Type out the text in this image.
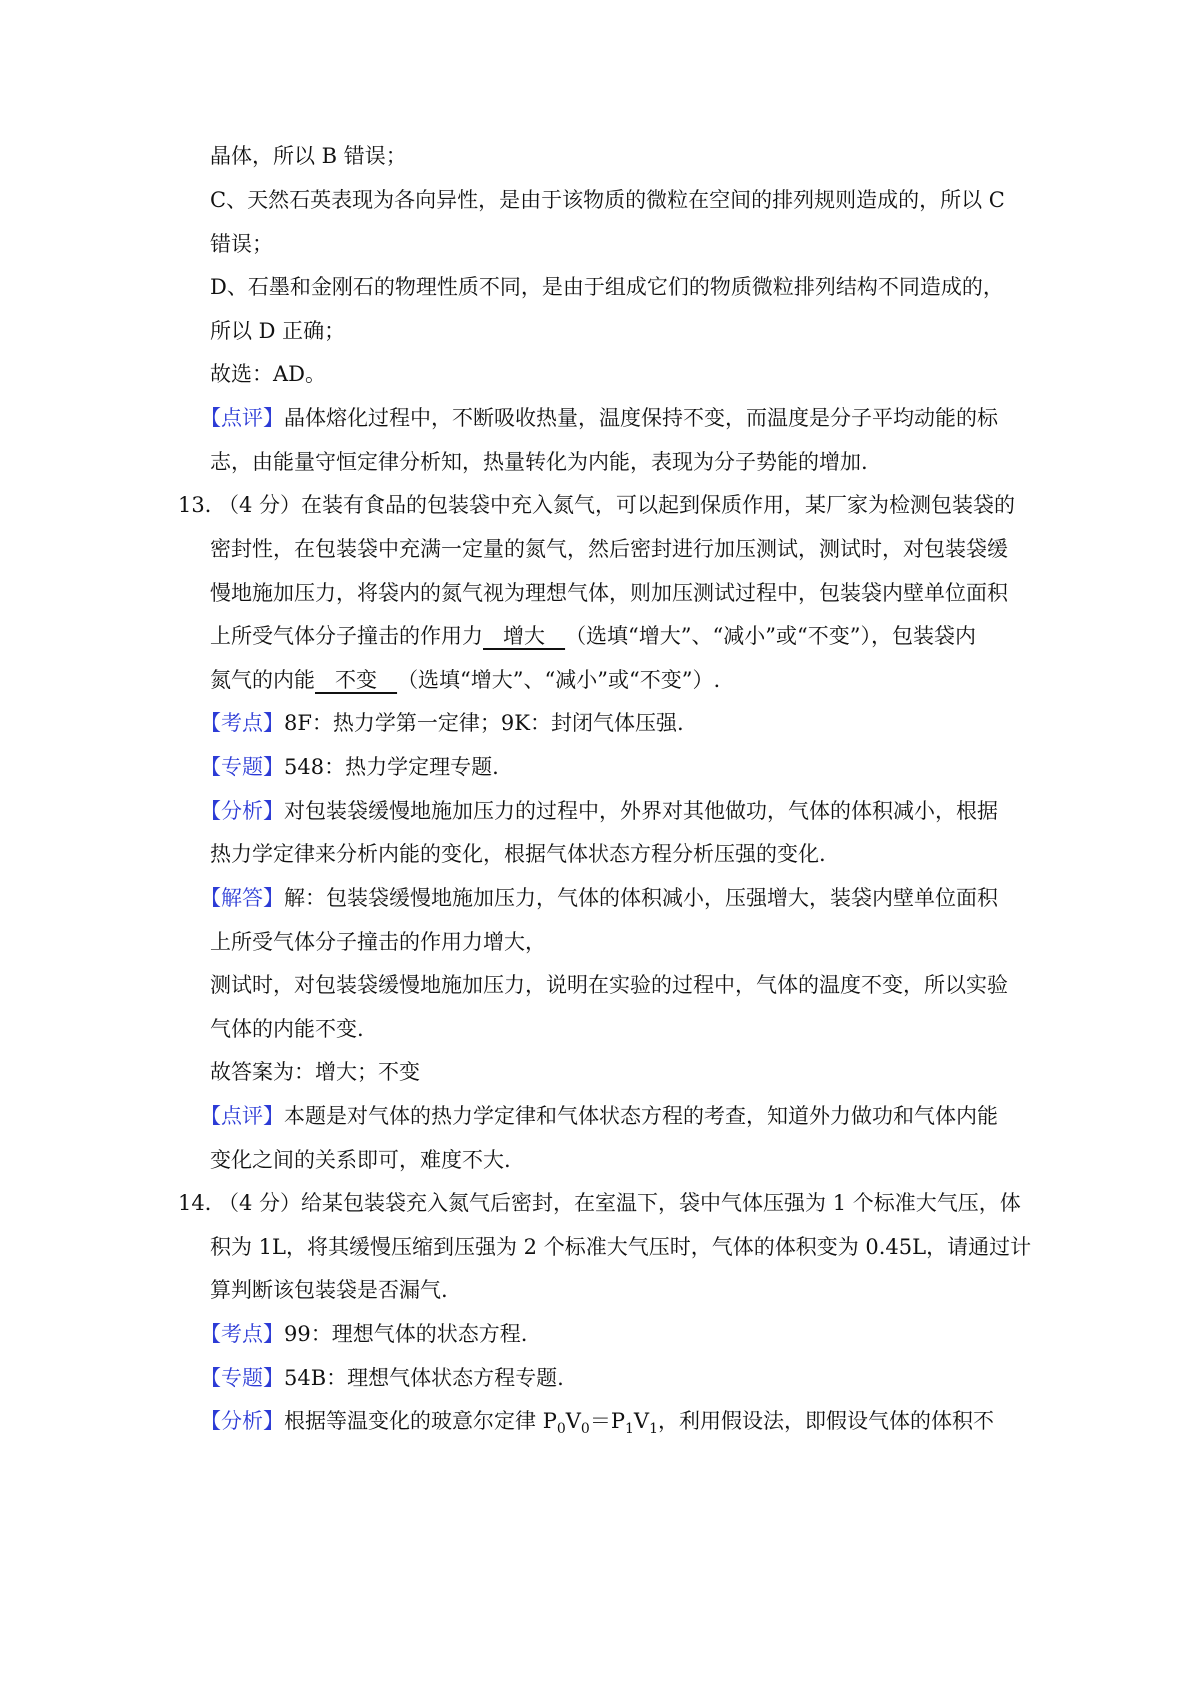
晶体，所以 B 错误；
C、天然石英表现为各向异性，是由于该物质的微粒在空间的排列规则造成的，所以 C
错误；
D、石墨和金刚石的物理性质不同，是由于组成它们的物质微粒排列结构不同造成的，
所以 D 正确；
故选：AD。
【点评】晶体熔化过程中，不断吸收热量，温度保持不变，而温度是分子平均动能的标
志，由能量守恒定律分析知，热量转化为内能，表现为分子势能的增加.
13．
（4 分）在装有食品的包装袋中充入氮气，可以起到保质作用，某厂家为检测包装袋的
密封性，在包装袋中充满一定量的氮气，然后密封进行加压测试，测试时，对包装袋缓
慢地施加压力，将袋内的氮气视为理想气体，则加压测试过程中，包装袋内壁单位面积
上所受气体分子撞击的作用力   增大   （选填“增大”、“减小”或“不变”），包装袋内
氮气的内能   不变   （选填“增大”、“减小”或“不变”）.
【考点】8F：热力学第一定律；9K：封闭气体压强.
【专题】548：热力学定理专题.
【分析】对包装袋缓慢地施加压力的过程中，外界对其他做功，气体的体积减小，根据
热力学定律来分析内能的变化，根据气体状态方程分析压强的变化.
【解答】解：包装袋缓慢地施加压力，气体的体积减小，压强增大，装袋内壁单位面积
上所受气体分子撞击的作用力增大，
测试时，对包装袋缓慢地施加压力，说明在实验的过程中，气体的温度不变，所以实验
气体的内能不变.
故答案为：增大；不变
【点评】本题是对气体的热力学定律和气体状态方程的考查，知道外力做功和气体内能
变化之间的关系即可，难度不大.
14．
（4 分）给某包装袋充入氮气后密封，在室温下，袋中气体压强为 1 个标准大气压，体
积为 1L，将其缓慢压缩到压强为 2 个标准大气压时，气体的体积变为 0.45L，请通过计
算判断该包装袋是否漏气.
【考点】99：理想气体的状态方程.
【专题】54B：理想气体状态方程专题.
【分析】根据等温变化的玻意尔定律 $P_0V_0=P_1V_1$，利用假设法，即假设气体的体积不
